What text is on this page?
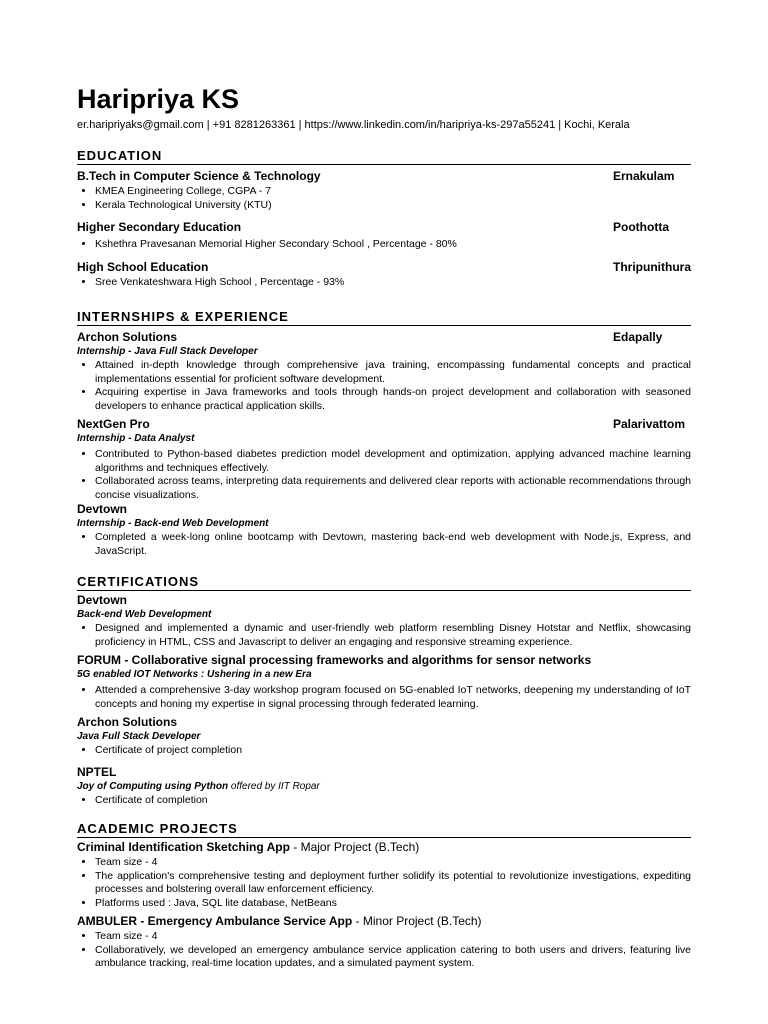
Haripriya KS
er.haripriyaks@gmail.com | +91 8281263361 | https://www.linkedin.com/in/haripriya-ks-297a55241 | Kochi, Kerala
EDUCATION
B.Tech in Computer Science & Technology	Ernakulam
• KMEA Engineering College, CGPA - 7
• Kerala Technological University (KTU)
Higher Secondary Education	Poothotta
• Kshethra Pravesanan Memorial Higher Secondary School , Percentage - 80%
High School Education	Thripunithura
• Sree Venkateshwara High School , Percentage - 93%
INTERNSHIPS & EXPERIENCE
Archon Solutions	Edapally
Internship - Java Full Stack Developer
• Attained in-depth knowledge through comprehensive java training, encompassing fundamental concepts and practical implementations essential for proficient software development.
• Acquiring expertise in Java frameworks and tools through hands-on project development and collaboration with seasoned developers to enhance practical application skills.
NextGen Pro	Palarivattom
Internship - Data Analyst
• Contributed to Python-based diabetes prediction model development and optimization, applying advanced machine learning algorithms and techniques effectively.
• Collaborated across teams, interpreting data requirements and delivered clear reports with actionable recommendations through concise visualizations.
Devtown
Internship - Back-end Web Development
• Completed a week-long online bootcamp with Devtown, mastering back-end web development with Node.js, Express, and JavaScript.
CERTIFICATIONS
Devtown
Back-end Web Development
• Designed and implemented a dynamic and user-friendly web platform resembling Disney Hotstar and Netflix, showcasing proficiency in HTML, CSS and Javascript to deliver an engaging and responsive streaming experience.
FORUM - Collaborative signal processing frameworks and algorithms for sensor networks
5G enabled IOT Networks : Ushering in a new Era
• Attended a comprehensive 3-day workshop program focused on 5G-enabled IoT networks, deepening my understanding of IoT concepts and honing my expertise in signal processing through federated learning.
Archon Solutions
Java Full Stack Developer
• Certificate of project completion
NPTEL
Joy of Computing using Python offered by IIT Ropar
• Certificate of completion
ACADEMIC PROJECTS
Criminal Identification Sketching App - Major Project (B.Tech)
• Team size - 4
• The application's comprehensive testing and deployment further solidify its potential to revolutionize investigations, expediting processes and bolstering overall law enforcement efficiency.
• Platforms used : Java, SQL lite database, NetBeans
AMBULER - Emergency Ambulance Service App - Minor Project (B.Tech)
• Team size - 4
• Collaboratively, we developed an emergency ambulance service application catering to both users and drivers, featuring live ambulance tracking, real-time location updates, and a simulated payment system.
